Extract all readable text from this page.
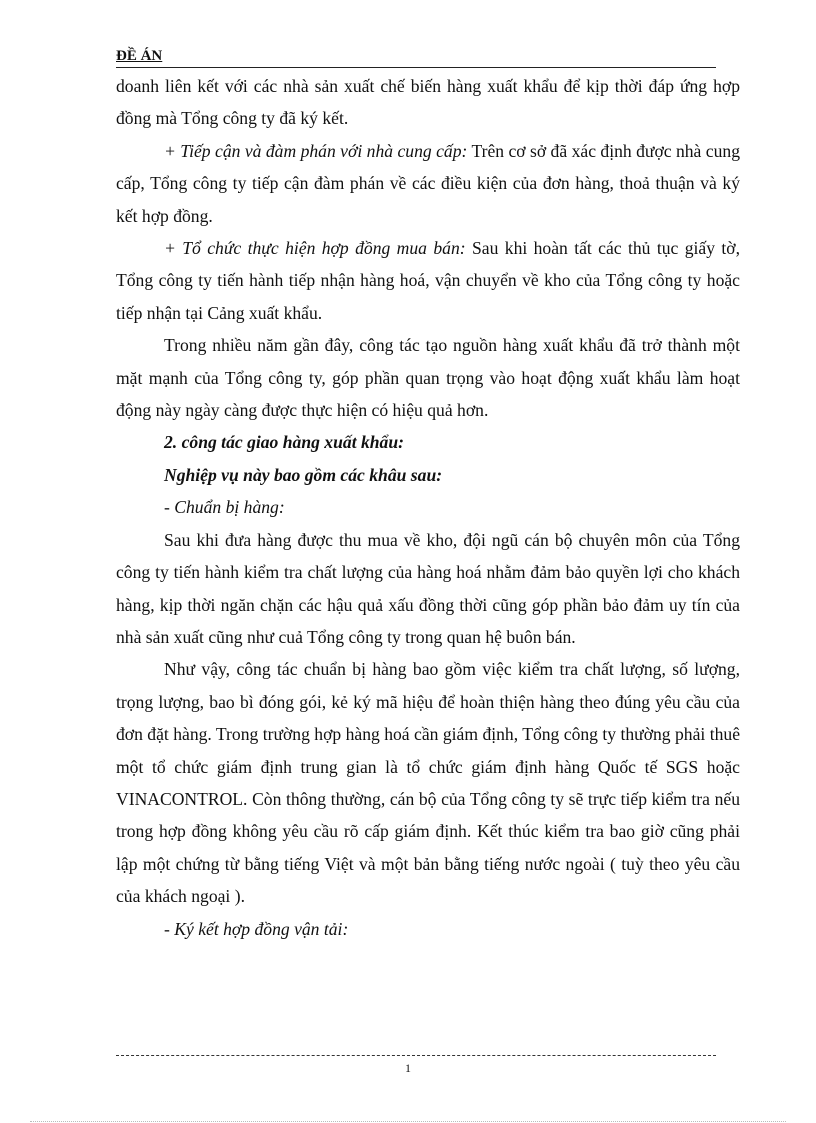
ĐỀ ÁN

doanh liên kết với các nhà sản xuất chế biến hàng xuất khẩu để kịp thời đáp ứng hợp đồng mà Tổng công ty đã ký kết.

+ Tiếp cận và đàm phán với nhà cung cấp: Trên cơ sở đã xác định được nhà cung cấp, Tổng công ty tiếp cận đàm phán về các điều kiện của đơn hàng, thoả thuận và ký kết hợp đồng.

+ Tổ chức thực hiện hợp đồng mua bán: Sau khi hoàn tất các thủ tục giấy tờ, Tổng công ty tiến hành tiếp nhận hàng hoá, vận chuyển về kho của Tổng công ty hoặc tiếp nhận tại Cảng xuất khẩu.

Trong nhiều năm gần đây, công tác tạo nguồn hàng xuất khẩu đã trở thành một mặt mạnh của Tổng công ty, góp phần quan trọng vào hoạt động xuất khẩu làm hoạt động này ngày càng được thực hiện có hiệu quả hơn.

2. công tác giao hàng xuất khẩu:

Nghiệp vụ này bao gồm các khâu sau:

- Chuẩn bị hàng:

Sau khi đưa hàng được thu mua về kho, đội ngũ cán bộ chuyên môn của Tổng công ty tiến hành kiểm tra chất lượng của hàng hoá nhằm đảm bảo quyền lợi cho khách hàng, kịp thời ngăn chặn các hậu quả xấu đồng thời cũng góp phần bảo đảm uy tín của nhà sản xuất cũng như cuả Tổng công ty trong quan hệ buôn bán.

Như vậy, công tác chuẩn bị hàng bao gồm việc kiểm tra chất lượng, số lượng, trọng lượng, bao bì đóng gói, kẻ ký mã hiệu để hoàn thiện hàng theo đúng yêu cầu của đơn đặt hàng. Trong trường hợp hàng hoá cần giám định, Tổng công ty thường phải thuê một tổ chức giám định trung gian là tổ chức giám định hàng Quốc tế SGS hoặc VINACONTROL. Còn thông thường, cán bộ của Tổng công ty sẽ trực tiếp kiểm tra nếu trong hợp đồng không yêu cầu rõ cấp giám định. Kết thúc kiểm tra bao giờ cũng phải lập một chứng từ bằng tiếng Việt và một bản bằng tiếng nước ngoài ( tuỳ theo yêu cầu của khách ngoại ).

- Ký kết hợp đồng vận tải:

1
